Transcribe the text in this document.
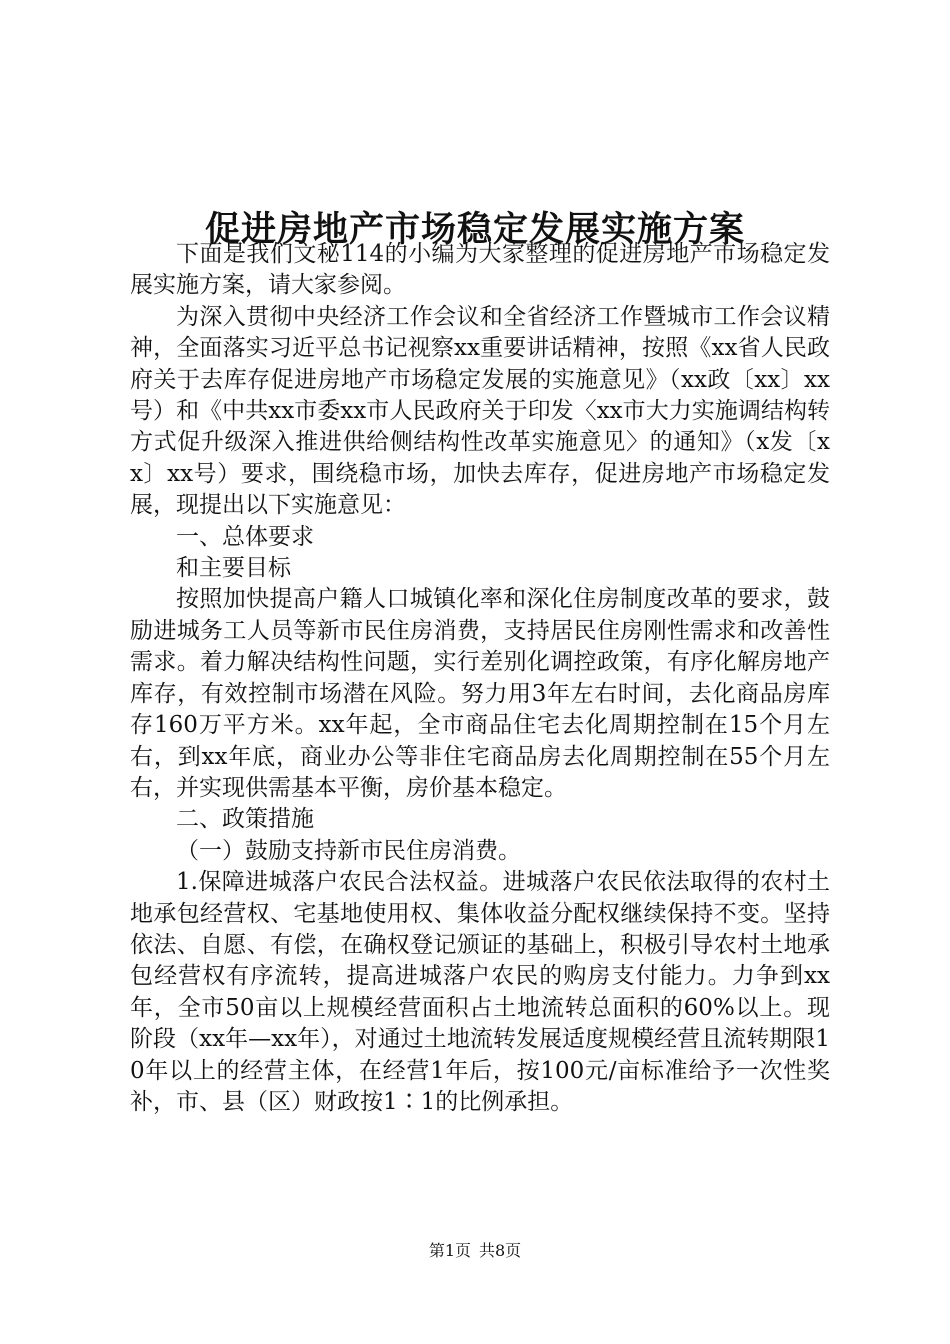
促进房地产市场稳定发展实施方案

下面是我们文秘114的小编为大家整理的促进房地产市场稳定发展实施方案，请大家参阅。

为深入贯彻中央经济工作会议和全省经济工作暨城市工作会议精神，全面落实习近平总书记视察xx重要讲话精神，按照《xx省人民政府关于去库存促进房地产市场稳定发展的实施意见》（xx政〔xx〕xx号）和《中共xx市委xx市人民政府关于印发〈xx市大力实施调结构转方式促升级深入推进供给侧结构性改革实施意见〉的通知》（x发〔xx〕xx号）要求，围绕稳市场，加快去库存，促进房地产市场稳定发展，现提出以下实施意见：

一、总体要求

和主要目标

按照加快提高户籍人口城镇化率和深化住房制度改革的要求，鼓励进城务工人员等新市民住房消费，支持居民住房刚性需求和改善性需求。着力解决结构性问题，实行差别化调控政策，有序化解房地产库存，有效控制市场潜在风险。努力用3年左右时间，去化商品房库存160万平方米。xx年起，全市商品住宅去化周期控制在15个月左右，到xx年底，商业办公等非住宅商品房去化周期控制在55个月左右，并实现供需基本平衡，房价基本稳定。

二、政策措施

（一）鼓励支持新市民住房消费。

1.保障进城落户农民合法权益。进城落户农民依法取得的农村土地承包经营权、宅基地使用权、集体收益分配权继续保持不变。坚持依法、自愿、有偿，在确权登记颁证的基础上，积极引导农村土地承包经营权有序流转，提高进城落户农民的购房支付能力。力争到xx年，全市50亩以上规模经营面积占土地流转总面积的60%以上。现阶段（xx年—xx年），对通过土地流转发展适度规模经营且流转期限10年以上的经营主体，在经营1年后，按100元/亩标准给予一次性奖补，市、县（区）财政按1∶1的比例承担。

第1页 共8页
